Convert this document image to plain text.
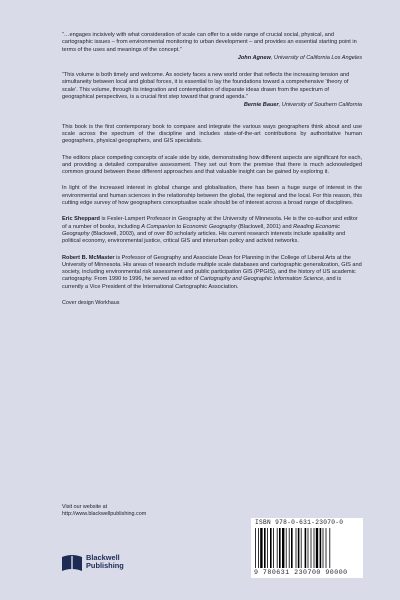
“…engages incisively with what consideration of scale can offer to a wide range of crucial social, physical, and cartographic issues – from environmental monitoring to urban development – and provides an essential starting point in terms of the uses and meanings of the concept.”

John Agnew, University of California Los Angeles

“This volume is both timely and welcome. As society faces a new world order that reflects the increasing tension and simultaneity between local and global forces, it is essential to lay the foundations toward a comprehensive ‘theory of scale’. This volume, through its integration and contemplation of disparate ideas drawn from the spectrum of geographical perspectives, is a crucial first step toward that grand agenda.”

Bernie Bauer, University of Southern California

This book is the first contemporary book to compare and integrate the various ways geographers think about and use scale across the spectrum of the discipline and includes state-of-the-art contributions by authoritative human geographers, physical geographers, and GIS specialists.

The editors place competing concepts of scale side by side, demonstrating how different aspects are significant for each, and providing a detailed comparative assessment. They set out from the premise that there is much acknowledged common ground between these different approaches and that valuable insight can be gained by exploring it.

In light of the increased interest in global change and globalisation, there has been a huge surge of interest in the environmental and human sciences in the relationship between the global, the regional and the local. For this reason, this cutting edge survey of how geographers conceptualise scale should be of interest across a broad range of disciplines.

Eric Sheppard is Fesler-Lampert Professor in Geography at the University of Minnesota. He is the co-author and editor of a number of books, including A Companion to Economic Geography (Blackwell, 2001) and Reading Economic Geography (Blackwell, 2003), and of over 80 scholarly articles. His current research interests include spatiality and political economy, environmental justice, critical GIS and interurban policy and activist networks.

Robert B. McMaster is Professor of Geography and Associate Dean for Planning in the College of Liberal Arts at the University of Minnesota. His areas of research include multiple scale databases and cartographic generalization, GIS and society, including environmental risk assessment and public participation GIS (PPGIS), and the history of US academic cartography. From 1990 to 1996, he served as editor of Cartography and Geographic Information Science, and is currently a Vice President of the International Cartographic Association.

Cover design Workhaus

Visit our website at
http://www.blackwellpublishing.com
ISBN 978-0-631-23070-0
9 780631 230700 90000
Blackwell
Publishing
